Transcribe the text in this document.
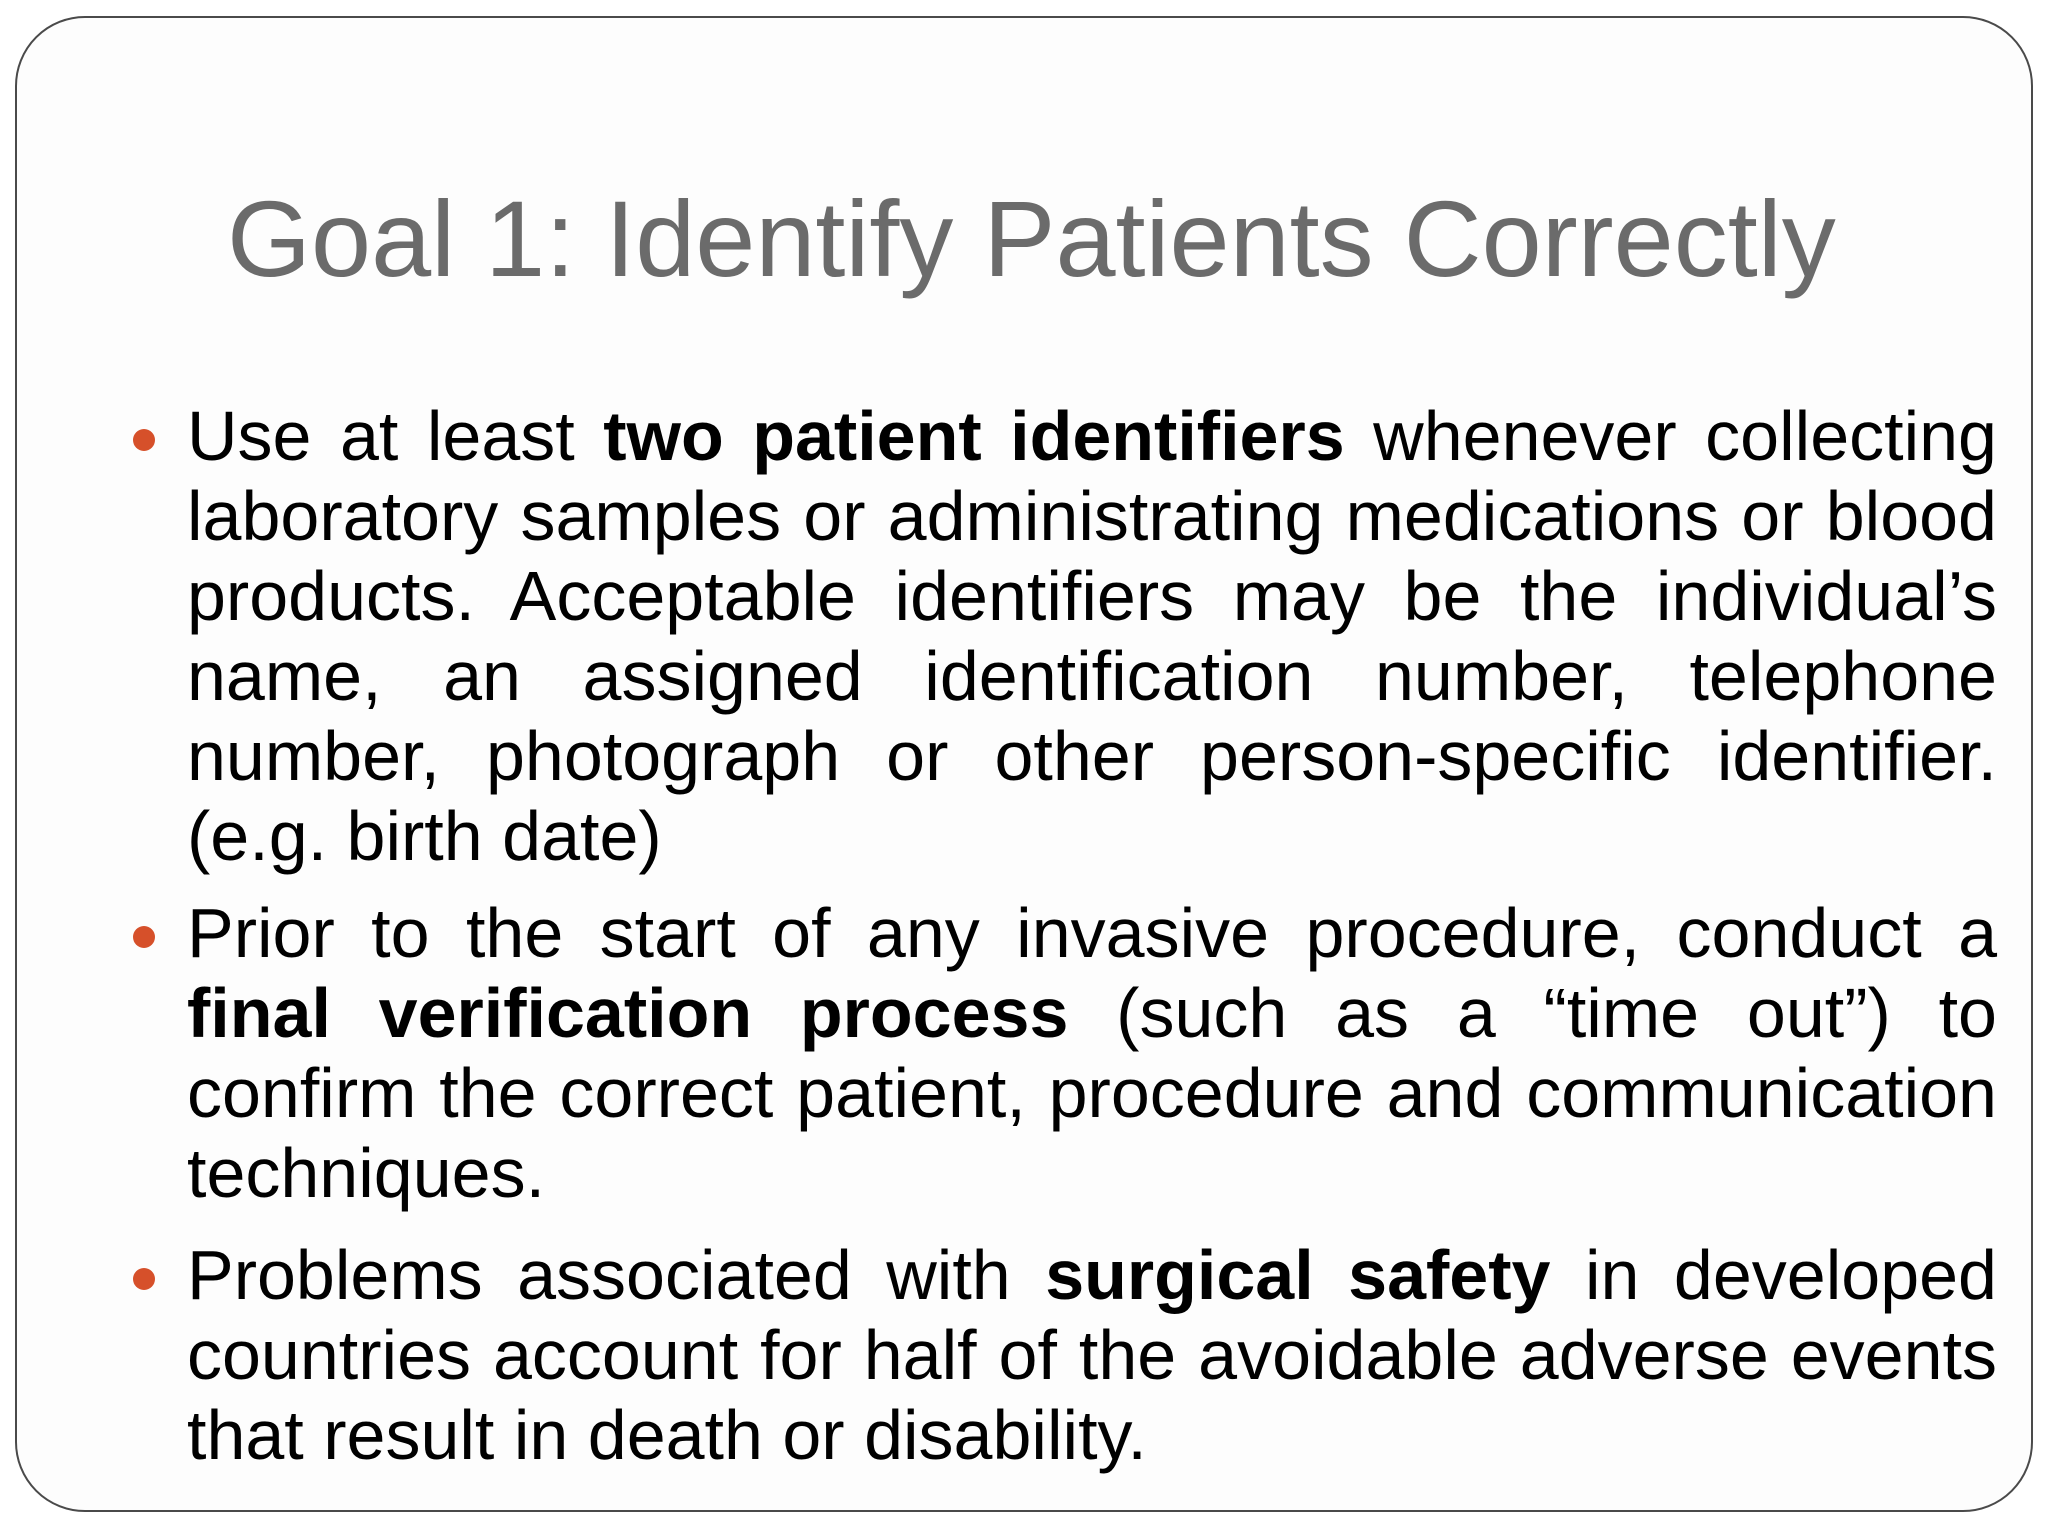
Goal 1: Identify Patients Correctly
Use at least two patient identifiers whenever collecting laboratory samples or administrating medications or blood products. Acceptable identifiers may be the individual’s name, an assigned identification number, telephone number, photograph or other person-specific identifier. (e.g. birth date)
Prior to the start of any invasive procedure, conduct a final verification process (such as a “time out”) to confirm the correct patient, procedure and communication techniques.
Problems associated with surgical safety in developed countries account for half of the avoidable adverse events that result in death or disability.
